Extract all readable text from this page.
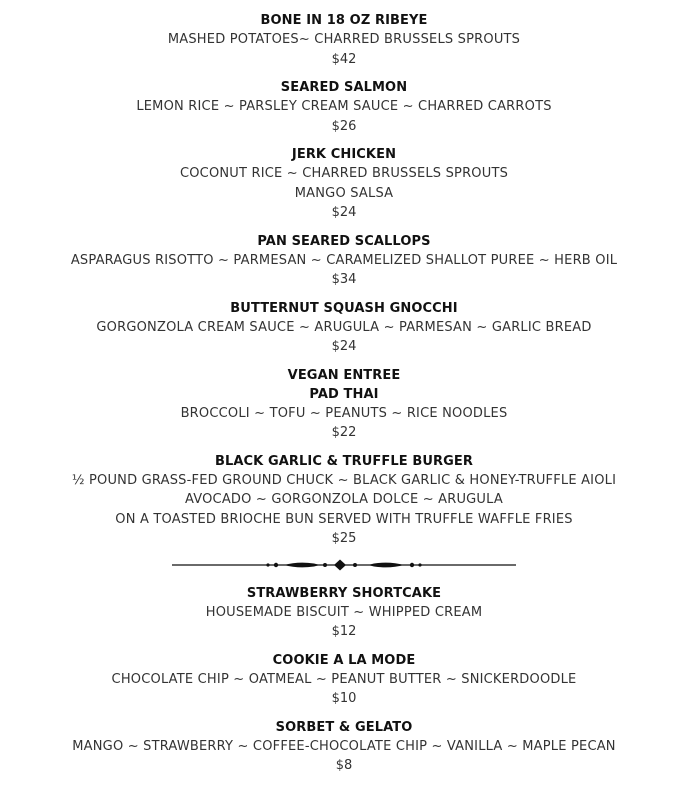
BONE IN 18 OZ RIBEYE
MASHED POTATOES~ CHARRED BRUSSELS SPROUTS
$42
SEARED SALMON
LEMON RICE ~ PARSLEY CREAM SAUCE ~ CHARRED CARROTS
$26
JERK CHICKEN
COCONUT RICE ~ CHARRED BRUSSELS SPROUTS
MANGO SALSA
$24
PAN SEARED SCALLOPS
ASPARAGUS RISOTTO ~ PARMESAN ~ CARAMELIZED SHALLOT PUREE ~ HERB OIL
$34
BUTTERNUT SQUASH GNOCCHI
GORGONZOLA CREAM SAUCE ~ ARUGULA ~ PARMESAN ~ GARLIC BREAD
$24
VEGAN ENTREE
PAD THAI
BROCCOLI ~ TOFU ~ PEANUTS ~ RICE NOODLES
$22
BLACK GARLIC & TRUFFLE BURGER
½ POUND GRASS-FED GROUND CHUCK ~ BLACK GARLIC & HONEY-TRUFFLE AIOLI
AVOCADO ~ GORGONZOLA DOLCE ~ ARUGULA
ON A TOASTED BRIOCHE BUN SERVED WITH TRUFFLE WAFFLE FRIES
$25
STRAWBERRY SHORTCAKE
HOUSEMADE BISCUIT ~ WHIPPED CREAM
$12
COOKIE A LA MODE
CHOCOLATE CHIP ~ OATMEAL ~ PEANUT BUTTER ~ SNICKERDOODLE
$10
SORBET & GELATO
MANGO ~ STRAWBERRY ~ COFFEE-CHOCOLATE CHIP ~ VANILLA ~ MAPLE PECAN
$8
